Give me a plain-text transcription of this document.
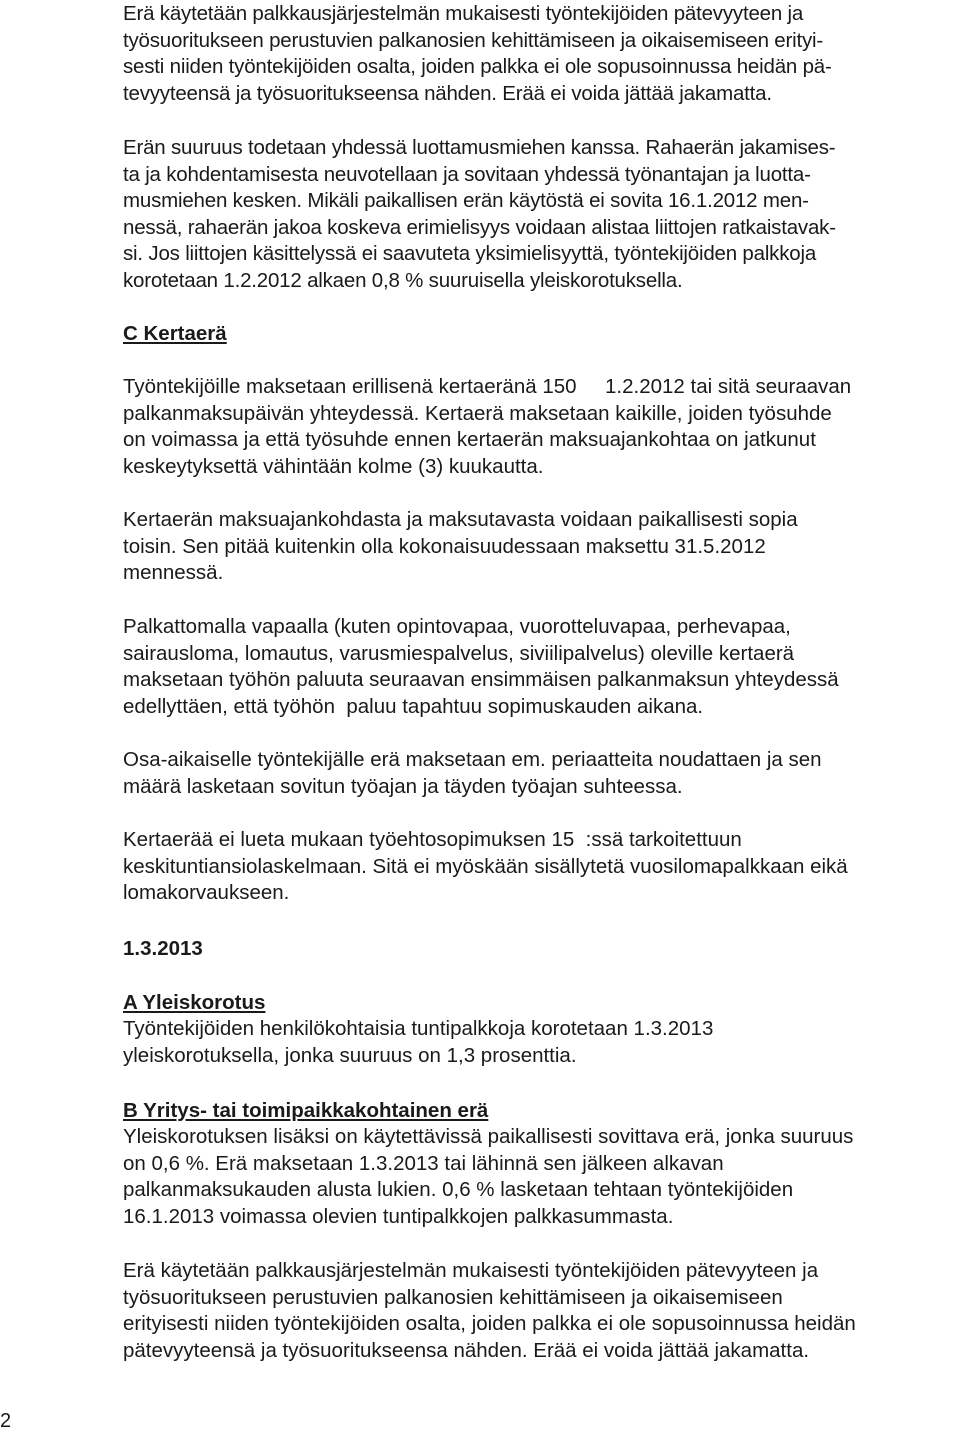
Erä käytetään palkkausjärjestelmän mukaisesti työntekijöiden pätevyyteen ja
työsuoritukseen perustuvien palkanosien kehittämiseen ja oikaisemiseen erityi-
sesti niiden työntekijöiden osalta, joiden palkka ei ole sopusoinnussa heidän pä-
tevyyteensä ja työsuoritukseensa nähden. Erää ei voida jättää jakamatta.
Erän suuruus todetaan yhdessä luottamusmiehen kanssa. Rahaerän jakamises-
ta ja kohdentamisesta neuvotellaan ja sovitaan yhdessä työnantajan ja luotta-
musmiehen kesken. Mikäli paikallisen erän käytöstä ei sovita 16.1.2012 men-
nessä, rahaerän jakoa koskeva erimielisyys voidaan alistaa liittojen ratkaistavak-
si. Jos liittojen käsittelyssä ei saavuteta yksimielisyyttä, työntekijöiden palkkoja
korotetaan 1.2.2012 alkaen 0,8 % suuruisella yleiskorotuksella.
C Kertaerä
Työntekijöille maksetaan erillisenä kertaeränä 150     1.2.2012 tai sitä seuraavan
palkanmaksupäivän yhteydessä. Kertaerä maksetaan kaikille, joiden työsuhde
on voimassa ja että työsuhde ennen kertaerän maksuajankohtaa on jatkunut
keskeytyksettä vähintään kolme (3) kuukautta.
Kertaerän maksuajankohdasta ja maksutavasta voidaan paikallisesti sopia
toisin. Sen pitää kuitenkin olla kokonaisuudessaan maksettu 31.5.2012
mennessä.
Palkattomalla vapaalla (kuten opintovapaa, vuorotteluvapaa, perhevapaa,
sairausloma, lomautus, varusmiespalvelus, siviilipalvelus) oleville kertaerä
maksetaan työhön paluuta seuraavan ensimmäisen palkanmaksun yhteydessä
edellyttäen, että työhön  paluu tapahtuu sopimuskauden aikana.
Osa-aikaiselle työntekijälle erä maksetaan em. periaatteita noudattaen ja sen
määrä lasketaan sovitun työajan ja täyden työajan suhteessa.
Kertaerää ei lueta mukaan työehtosopimuksen 15  :ssä tarkoitettuun
keskituntiansiolaskelmaan. Sitä ei myöskään sisällytetä vuosilomapalkkaan eikä
lomakorvaukseen.
1.3.2013
A Yleiskorotus
Työntekijöiden henkilökohtaisia tuntipalkkoja korotetaan 1.3.2013
yleiskorotuksella, jonka suuruus on 1,3 prosenttia.
B Yritys- tai toimipaikkakohtainen erä
Yleiskorotuksen lisäksi on käytettävissä paikallisesti sovittava erä, jonka suuruus
on 0,6 %. Erä maksetaan 1.3.2013 tai lähinnä sen jälkeen alkavan
palkanmaksukauden alusta lukien. 0,6 % lasketaan tehtaan työntekijöiden
16.1.2013 voimassa olevien tuntipalkkojen palkkasummasta.
Erä käytetään palkkausjärjestelmän mukaisesti työntekijöiden pätevyyteen ja
työsuoritukseen perustuvien palkanosien kehittämiseen ja oikaisemiseen
erityisesti niiden työntekijöiden osalta, joiden palkka ei ole sopusoinnussa heidän
pätevyyteensä ja työsuoritukseensa nähden. Erää ei voida jättää jakamatta.
2
